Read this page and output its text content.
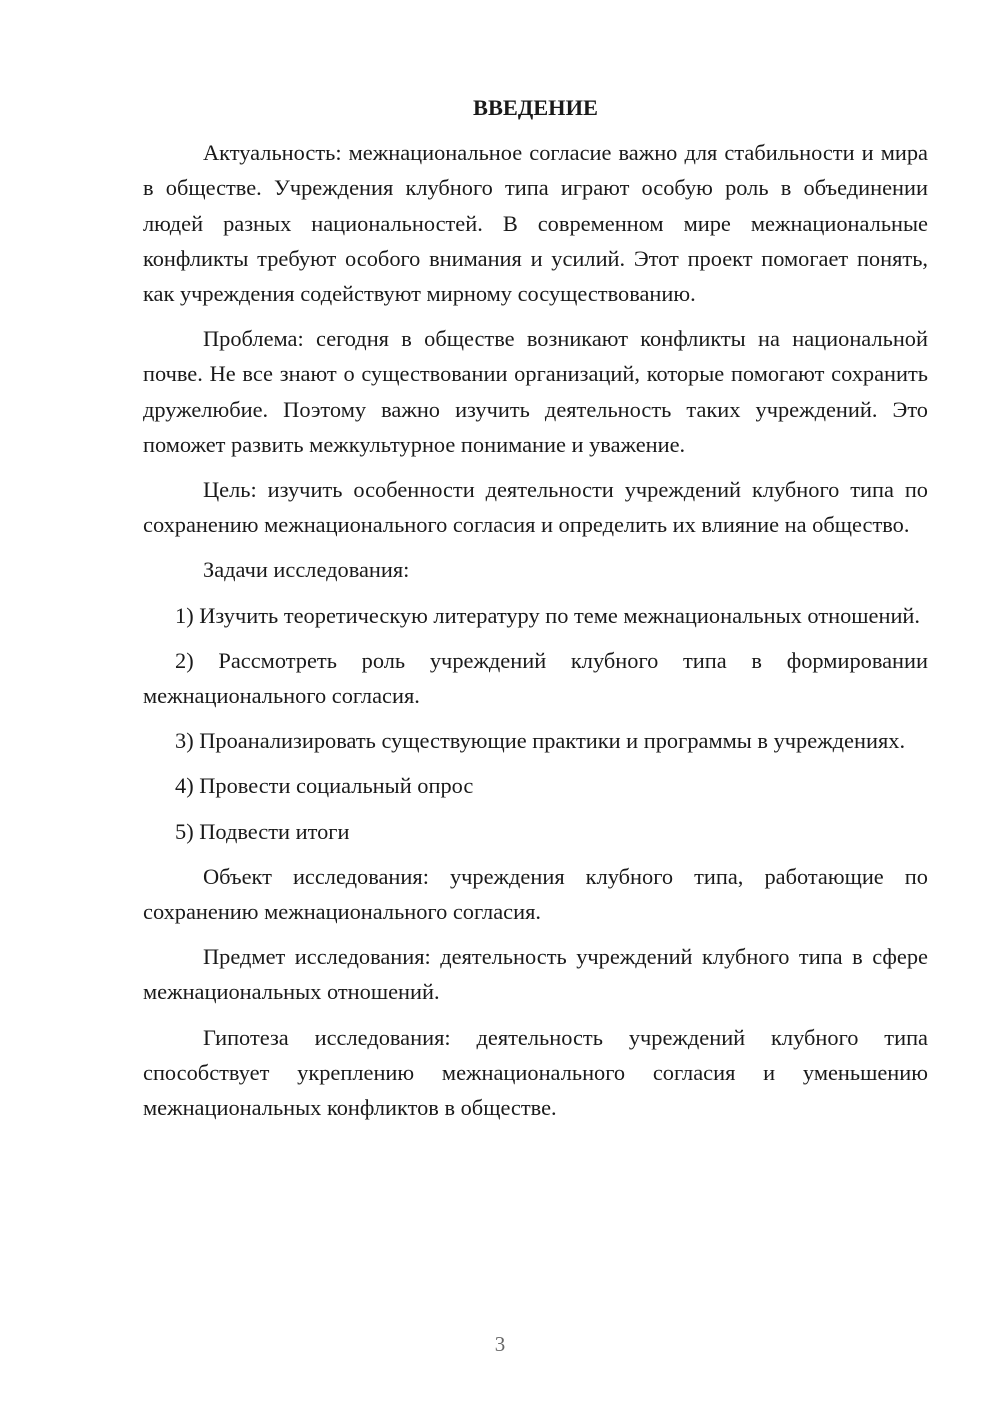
ВВЕДЕНИЕ

Актуальность: межнациональное согласие важно для стабильности и мира в обществе. Учреждения клубного типа играют особую роль в объединении людей разных национальностей. В современном мире межнациональные конфликты требуют особого внимания и усилий. Этот проект помогает понять, как учреждения содействуют мирному сосуществованию.

Проблема: сегодня в обществе возникают конфликты на национальной почве. Не все знают о существовании организаций, которые помогают сохранить дружелюбие. Поэтому важно изучить деятельность таких учреждений. Это поможет развить межкультурное понимание и уважение.

Цель: изучить особенности деятельности учреждений клубного типа по сохранению межнационального согласия и определить их влияние на общество.

Задачи исследования:

1) Изучить теоретическую литературу по теме межнациональных отношений.

2) Рассмотреть роль учреждений клубного типа в формировании межнационального согласия.

3) Проанализировать существующие практики и программы в учреждениях.

4) Провести социальный опрос

5) Подвести итоги

Объект исследования: учреждения клубного типа, работающие по сохранению межнационального согласия.

Предмет исследования: деятельность учреждений клубного типа в сфере межнациональных отношений.

Гипотеза исследования: деятельность учреждений клубного типа способствует укреплению межнационального согласия и уменьшению межнациональных конфликтов в обществе.

3
